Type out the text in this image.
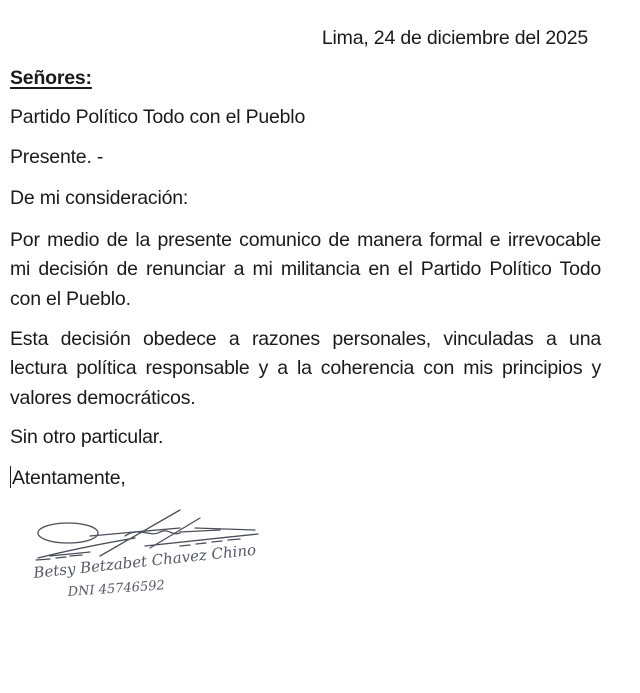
Lima, 24 de diciembre del 2025
Señores:
Partido Político Todo con el Pueblo
Presente. -
De mi consideración:

Por medio de la presente comunico de manera formal e irrevocable mi decisión de renunciar a mi militancia en el Partido Político Todo con el Pueblo.

Esta decisión obedece a razones personales, vinculadas a una lectura política responsable y a la coherencia con mis principios y valores democráticos.

Sin otro particular.
Atentamente,
Betsy Betzabet Chavez Chino
DNI 45746592
